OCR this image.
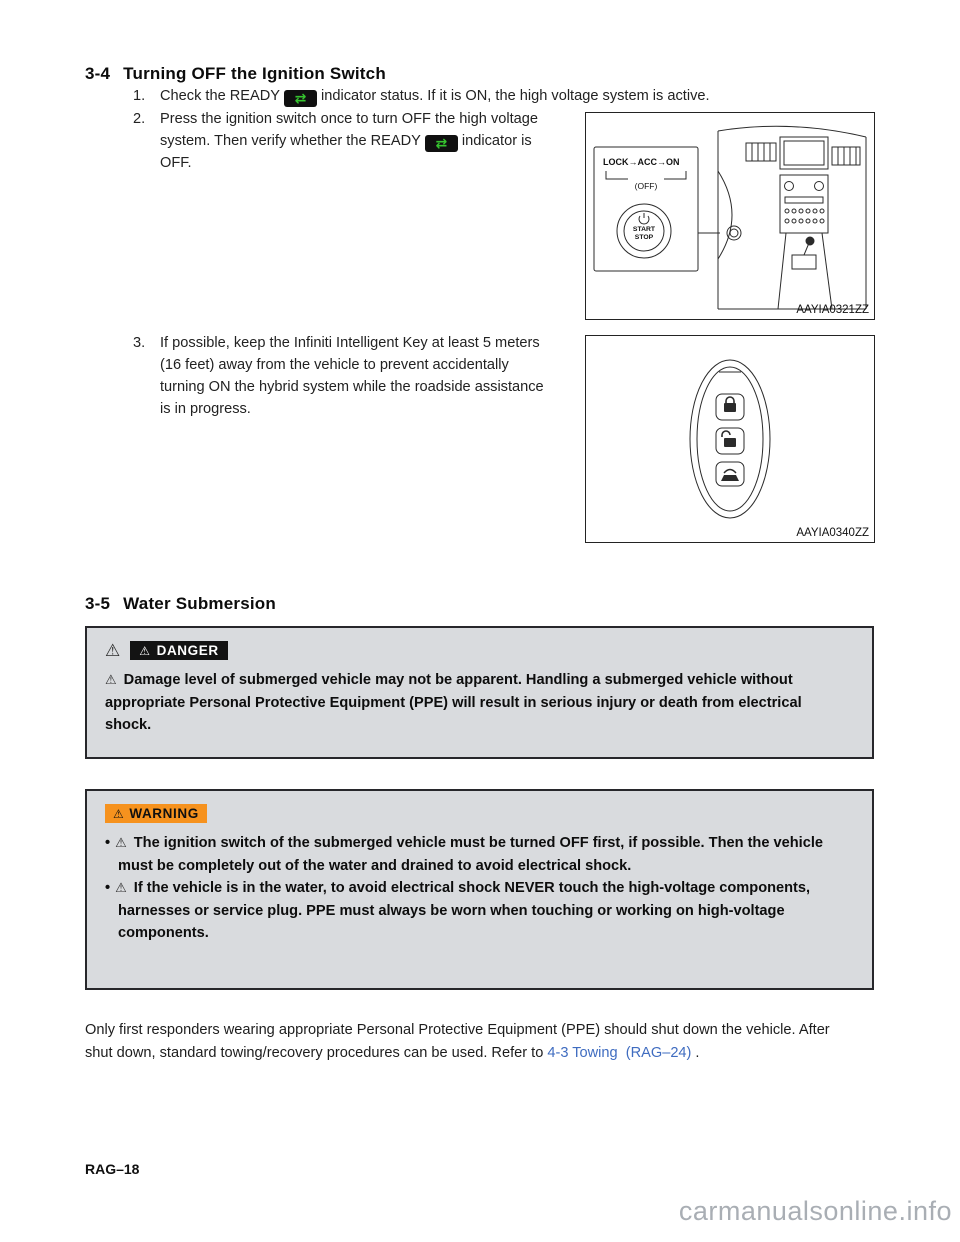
3-4 Turning OFF the Ignition Switch
1.	Check the READY ⇄ indicator status. If it is ON, the high voltage system is active.
2.	Press the ignition switch once to turn OFF the high voltage system. Then verify whether the READY ⇄ indicator is OFF.
3.	If possible, keep the Infiniti Intelligent Key at least 5 meters (16 feet) away from the vehicle to prevent accidentally turning ON the hybrid system while the roadside assistance is in progress.
LOCK→ACC→ON
(OFF)
START
STOP
AAYIA0321ZZ
AAYIA0340ZZ
3-5 Water Submersion
⚠ ⚠ DANGER

⚠ Damage level of submerged vehicle may not be apparent. Handling a submerged vehicle without appropriate Personal Protective Equipment (PPE) will result in serious injury or death from electrical shock.

⚠ WARNING
• ⚠ The ignition switch of the submerged vehicle must be turned OFF first, if possible. Then the vehicle must be completely out of the water and drained to avoid electrical shock.
• ⚠ If the vehicle is in the water, to avoid electrical shock NEVER touch the high-voltage components, harnesses or service plug. PPE must always be worn when touching or working on high-voltage components.

Only first responders wearing appropriate Personal Protective Equipment (PPE) should shut down the vehicle. After shut down, standard towing/recovery procedures can be used. Refer to 4-3 Towing (RAG–24) .

RAG–18
carmanualsonline.info
